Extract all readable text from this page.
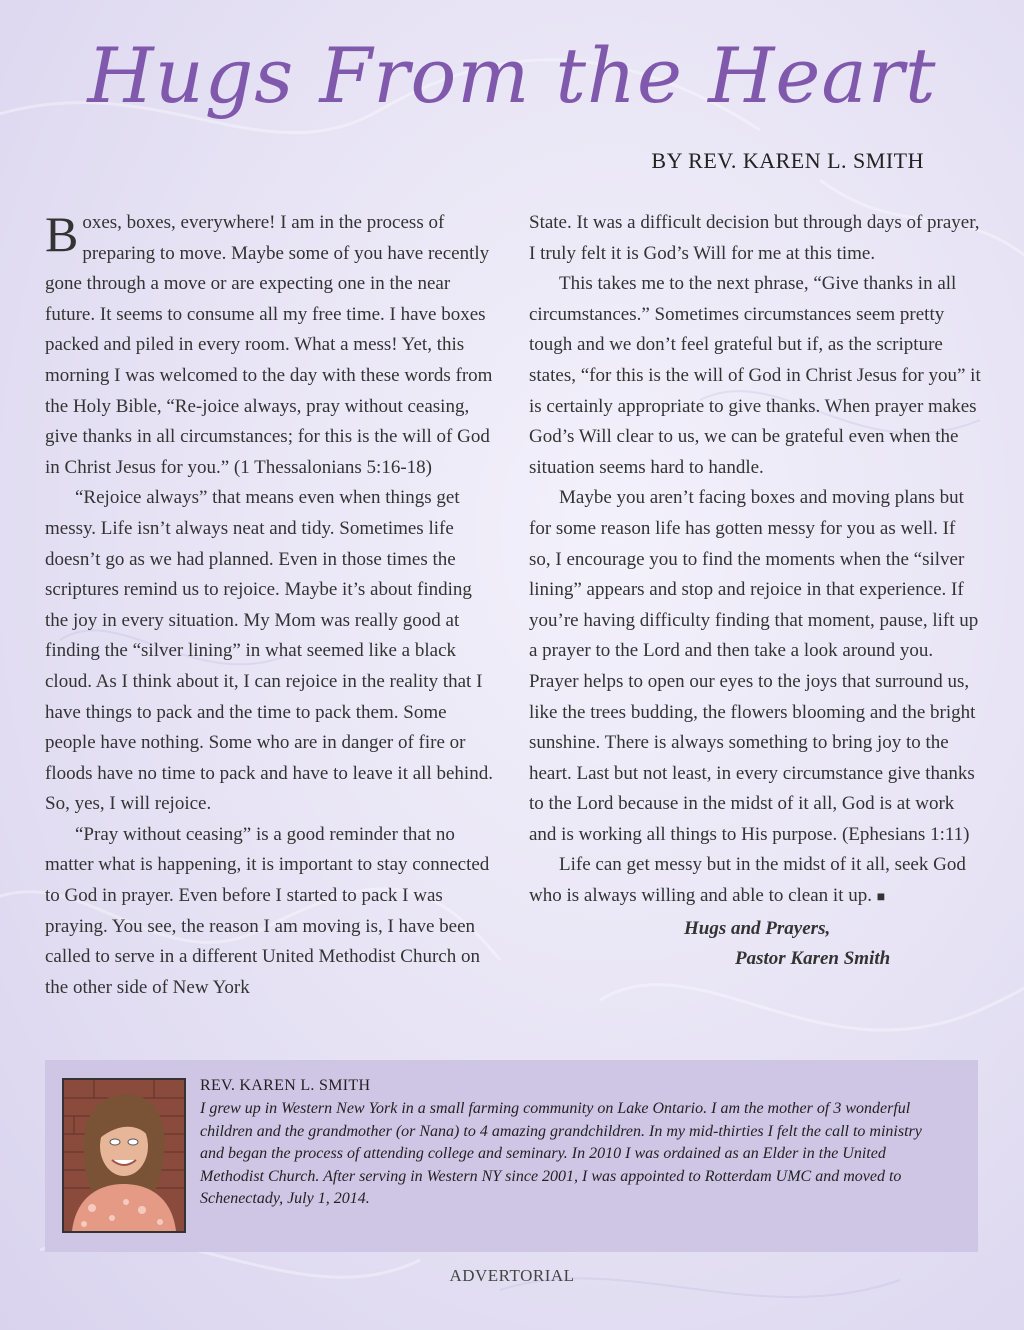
Hugs From the Heart
BY REV. KAREN L. SMITH

Boxes, boxes, everywhere! I am in the process of preparing to move. Maybe some of you have recently gone through a move or are expecting one in the near future. It seems to consume all my free time. I have boxes packed and piled in every room. What a mess! Yet, this morning I was welcomed to the day with these words from the Holy Bible, “Re-joice always, pray without ceasing, give thanks in all circumstances; for this is the will of God in Christ Jesus for you.” (1 Thessalonians 5:16-18)

“Rejoice always” that means even when things get messy. Life isn’t always neat and tidy. Sometimes life doesn’t go as we had planned. Even in those times the scriptures remind us to rejoice. Maybe it’s about finding the joy in every situation. My Mom was really good at finding the “silver lining” in what seemed like a black cloud. As I think about it, I can rejoice in the reality that I have things to pack and the time to pack them. Some people have nothing. Some who are in danger of fire or floods have no time to pack and have to leave it all behind. So, yes, I will rejoice.

“Pray without ceasing” is a good reminder that no matter what is happening, it is important to stay connected to God in prayer. Even before I started to pack I was praying. You see, the reason I am moving is, I have been called to serve in a different United Methodist Church on the other side of New York

State. It was a difficult decision but through days of prayer, I truly felt it is God’s Will for me at this time.

This takes me to the next phrase, “Give thanks in all circumstances.” Sometimes circumstances seem pretty tough and we don’t feel grateful but if, as the scripture states, “for this is the will of God in Christ Jesus for you” it is certainly appropriate to give thanks. When prayer makes God’s Will clear to us, we can be grateful even when the situation seems hard to handle.

Maybe you aren’t facing boxes and moving plans but for some reason life has gotten messy for you as well. If so, I encourage you to find the moments when the “silver lining” appears and stop and rejoice in that experience. If you’re having difficulty finding that moment, pause, lift up a prayer to the Lord and then take a look around you. Prayer helps to open our eyes to the joys that surround us, like the trees budding, the flowers blooming and the bright sunshine. There is always something to bring joy to the heart. Last but not least, in every circumstance give thanks to the Lord because in the midst of it all, God is at work and is working all things to His purpose. (Ephesians 1:11)

Life can get messy but in the midst of it all, seek God who is always willing and able to clean it up. ■

Hugs and Prayers,

Pastor Karen Smith

REV. KAREN L. SMITH
I grew up in Western New York in a small farming community on Lake Ontario. I am the mother of 3 wonderful children and the grandmother (or Nana) to 4 amazing grandchildren. In my mid-thirties I felt the call to ministry and began the process of attending college and seminary. In 2010 I was ordained as an Elder in the United Methodist Church. After serving in Western NY since 2001, I was appointed to Rotterdam UMC and moved to Schenectady, July 1, 2014.
ADVERTORIAL
